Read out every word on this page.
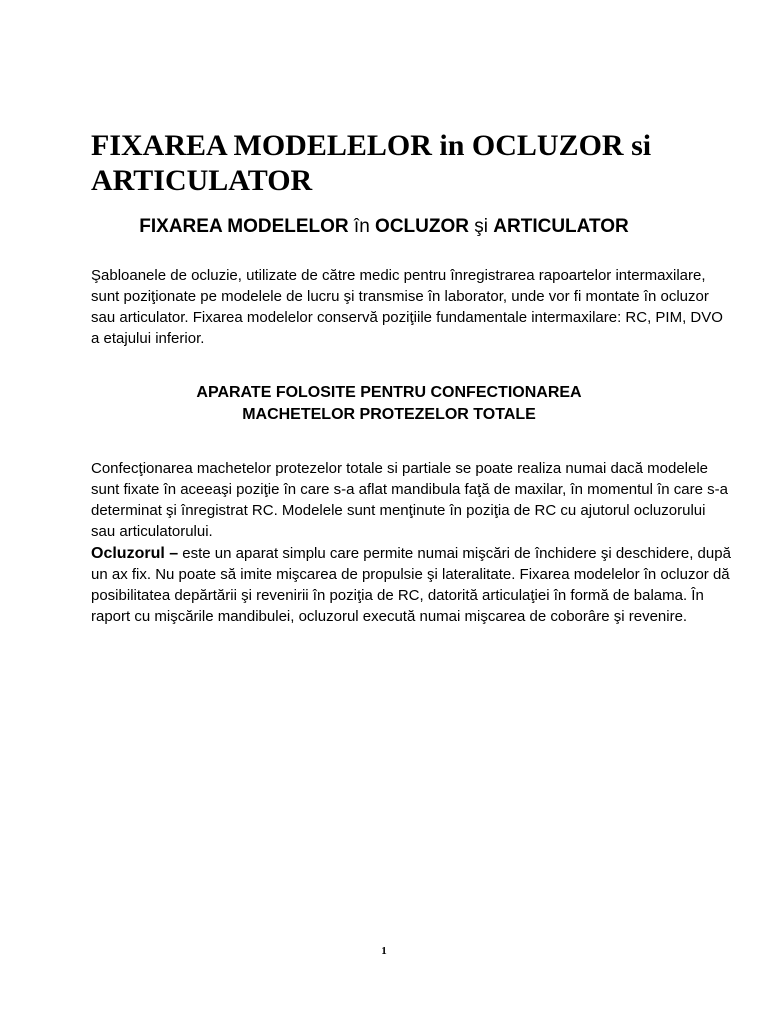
FIXAREA MODELELOR in OCLUZOR si ARTICULATOR
FIXAREA MODELELOR în OCLUZOR şi ARTICULATOR

Şabloanele de ocluzie, utilizate de către medic pentru înregistrarea rapoartelor intermaxilare, sunt poziţionate pe modelele de lucru şi transmise în laborator, unde vor fi montate în ocluzor sau articulator. Fixarea modelelor conservă poziţiile fundamentale intermaxilare: RC, PIM, DVO a etajului inferior.

APARATE FOLOSITE PENTRU CONFECTIONAREA
MACHETELOR PROTEZELOR TOTALE

Confecţionarea machetelor protezelor totale si partiale se poate realiza numai dacă modelele sunt fixate în aceeaşi poziţie în care s-a aflat mandibula faţă de maxilar, în momentul în care s-a determinat şi înregistrat RC. Modelele sunt menţinute în poziţia de RC cu ajutorul ocluzorului sau articulatorului.

Ocluzorul – este un aparat simplu care permite numai mişcări de închidere şi deschidere, după un ax fix. Nu poate să imite mişcarea de propulsie şi lateralitate. Fixarea modelelor în ocluzor dă posibilitatea depărtării şi revenirii în poziţia de RC, datorită articulaţiei în formă de balama. În raport cu mişcările mandibulei, ocluzorul execută numai mişcarea de coborâre şi revenire.

1
